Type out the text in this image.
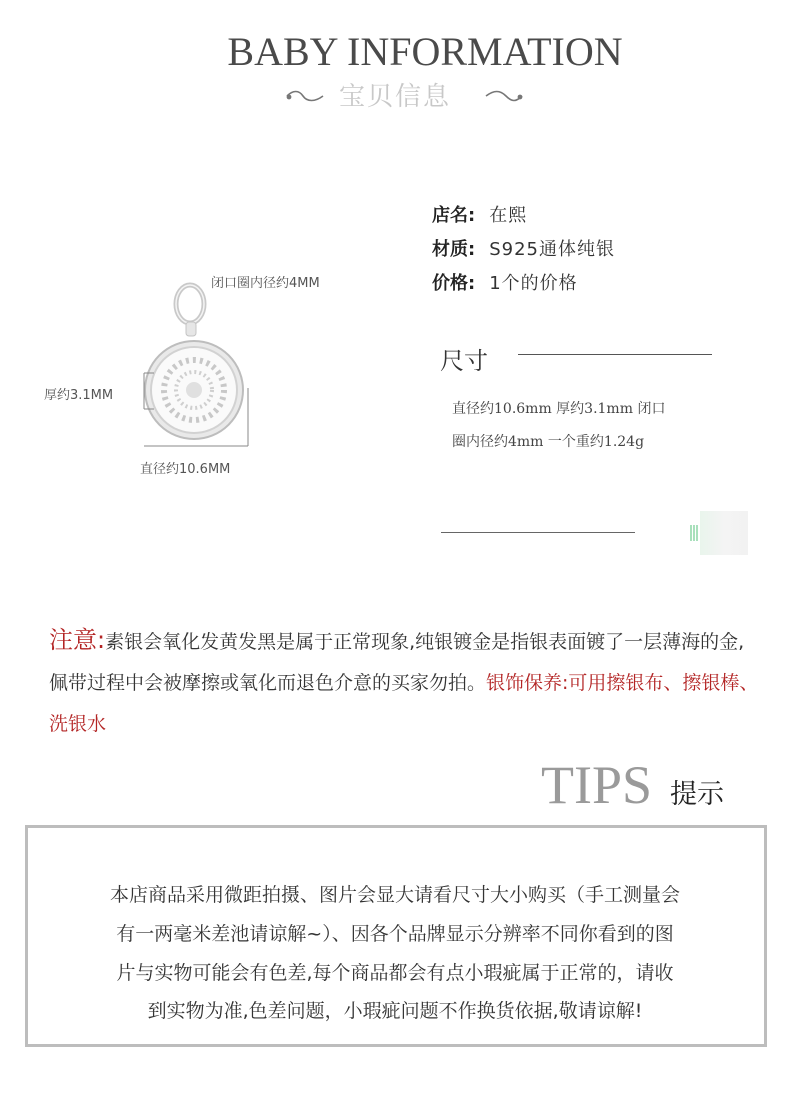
BABY INFORMATION
宝贝信息
店名: 在熙
材质: S925通体纯银
价格: 1个的价格
闭口圈内径约4MM
厚约3.1MM
直径约10.6MM
尺寸
直径约10.6mm 厚约3.1mm 闭口
圈内径约4mm 一个重约1.24g
注意:素银会氧化发黄发黑是属于正常现象,纯银镀金是指银表面镀了一层薄海的金,佩带过程中会被摩擦或氧化而退色介意的买家勿拍。银饰保养:可用擦银布、擦银棒、洗银水
TIPS 提示
本店商品采用微距拍摄、图片会显大请看尺寸大小购买（手工测量会
有一两毫米差池请谅解~）、因各个品牌显示分辨率不同你看到的图
片与实物可能会有色差,每个商品都会有点小瑕疵属于正常的，请收
到实物为准,色差问题，小瑕疵问题不作换货依据,敬请谅解!
